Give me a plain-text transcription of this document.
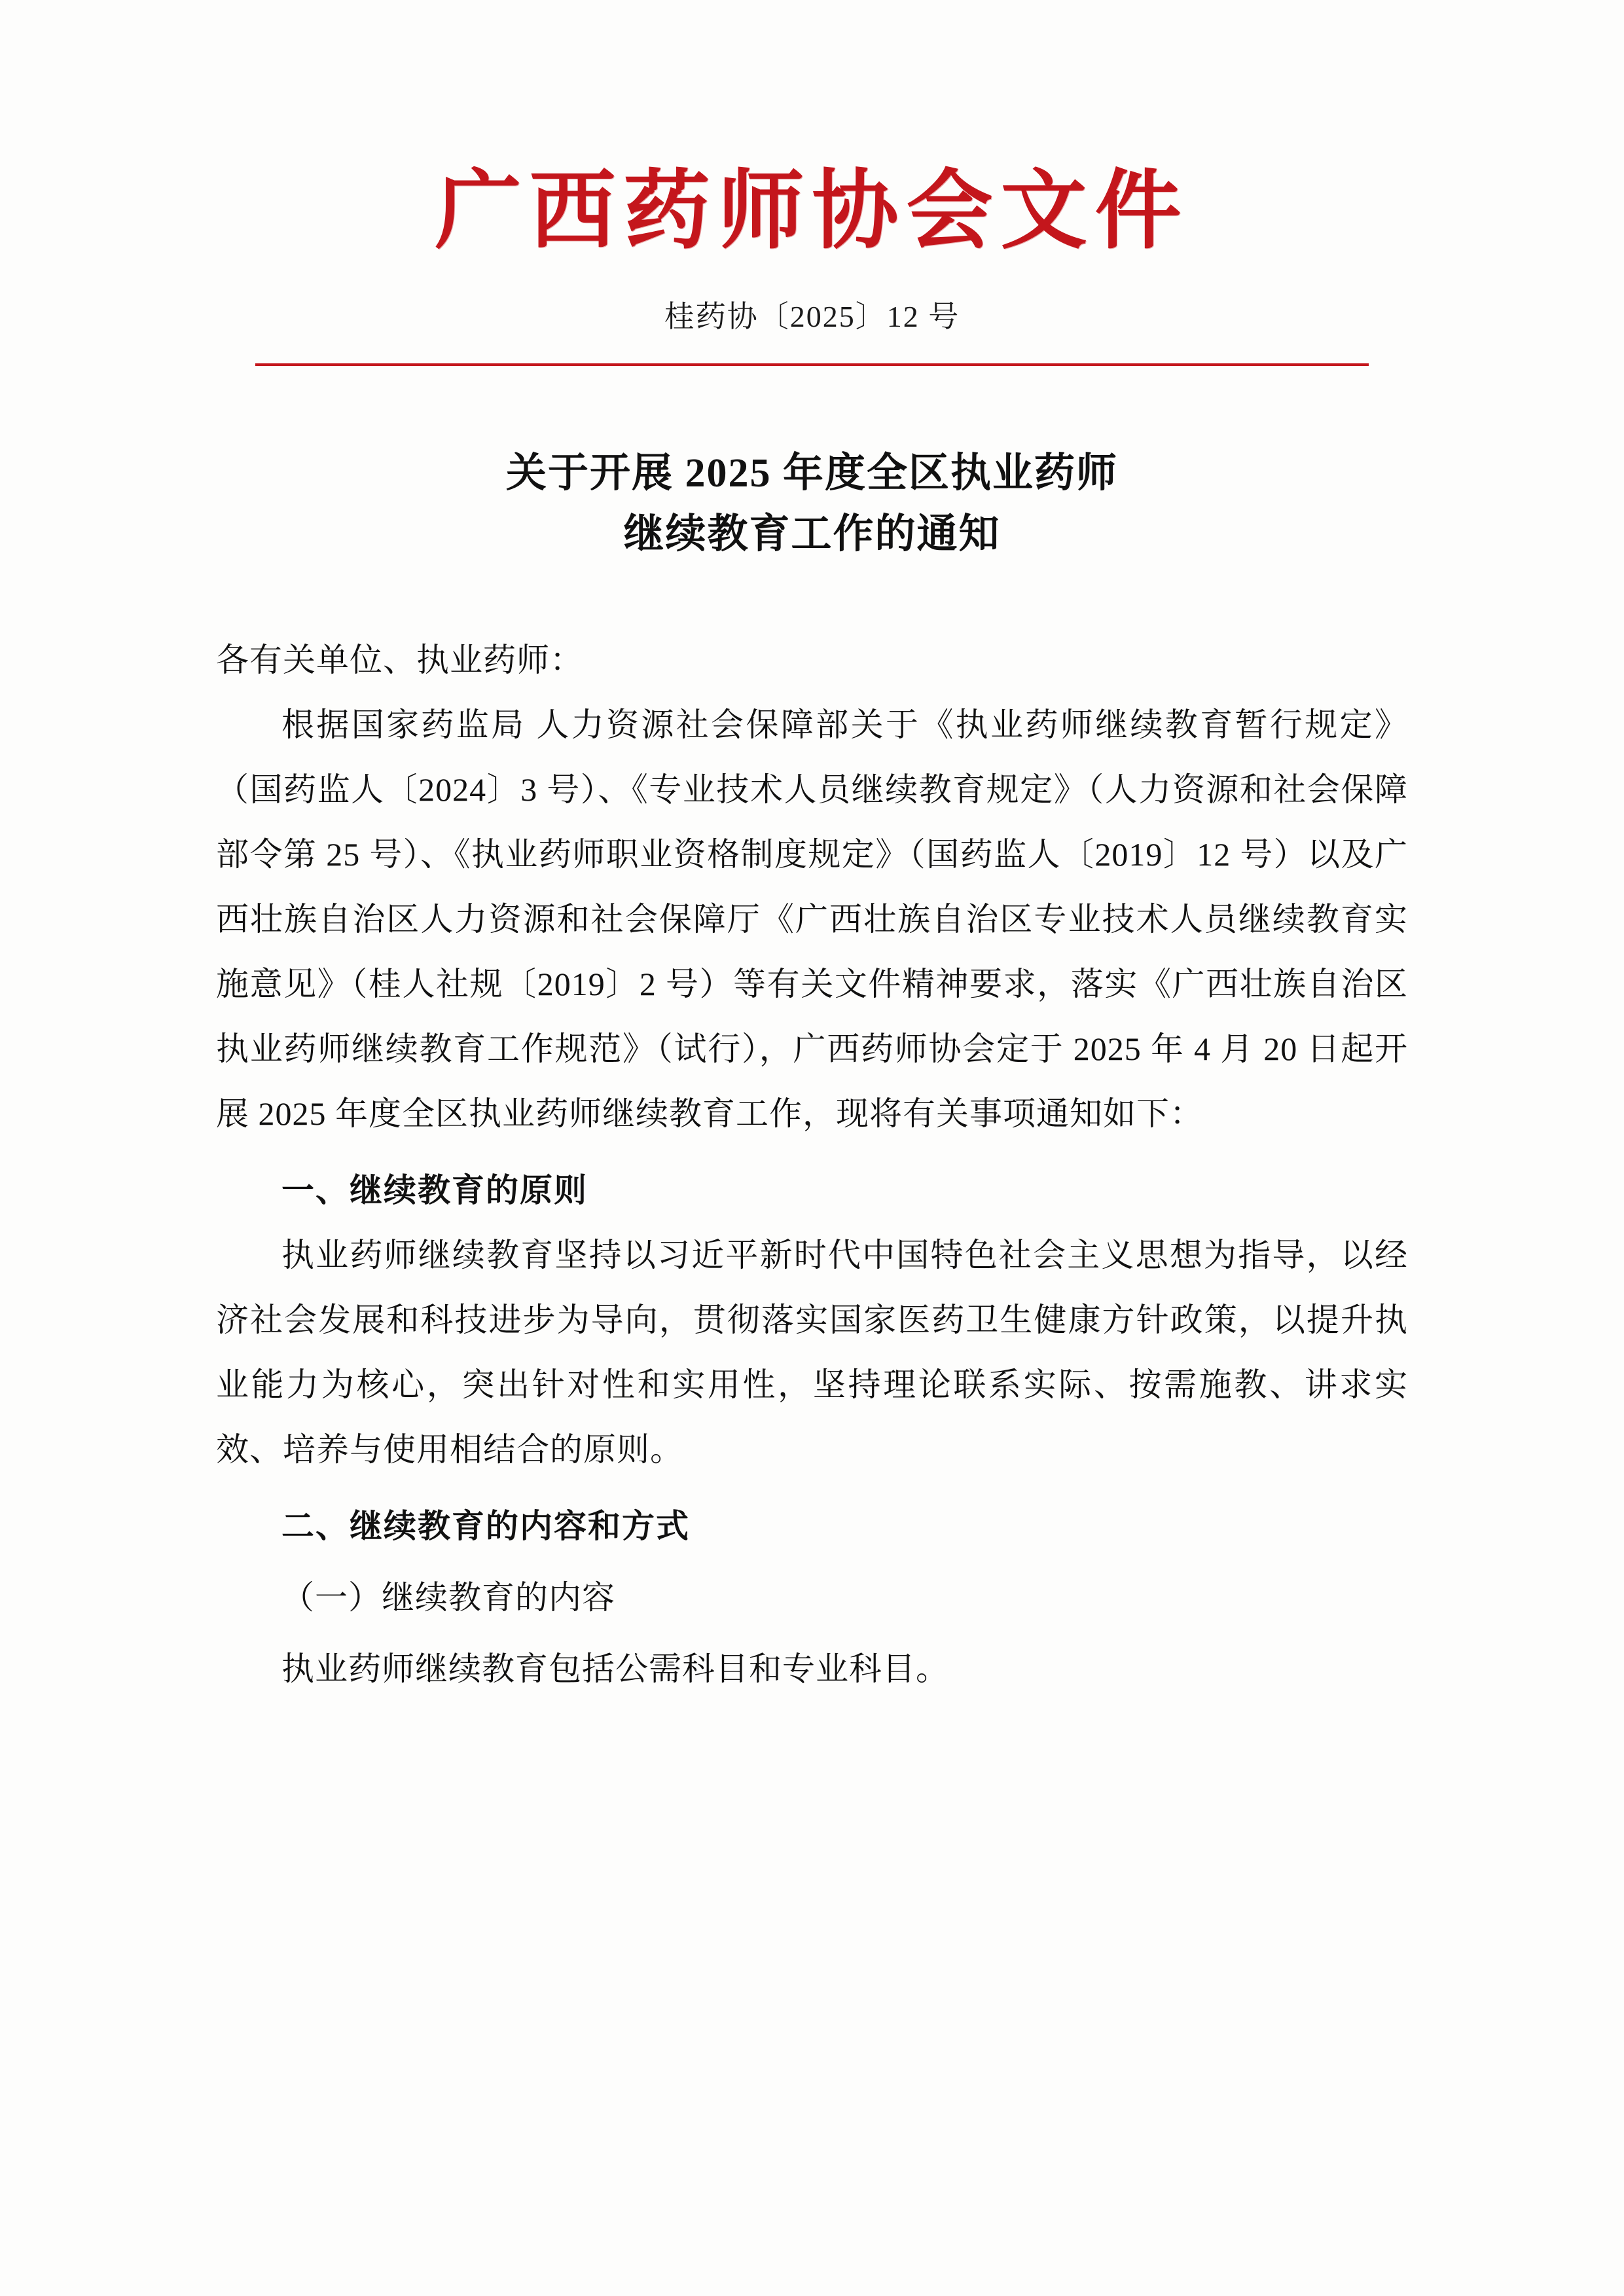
广西药师协会文件
桂药协〔2025〕12 号
关于开展 2025 年度全区执业药师
继续教育工作的通知

各有关单位、执业药师：

根据国家药监局 人力资源社会保障部关于《执业药师继续教育暂行规定》（国药监人〔2024〕3 号）、《专业技术人员继续教育规定》（人力资源和社会保障部令第 25 号）、《执业药师职业资格制度规定》（国药监人〔2019〕12 号）以及广西壮族自治区人力资源和社会保障厅《广西壮族自治区专业技术人员继续教育实施意见》（桂人社规〔2019〕2 号）等有关文件精神要求，落实《广西壮族自治区执业药师继续教育工作规范》（试行），广西药师协会定于 2025 年 4 月 20 日起开展 2025 年度全区执业药师继续教育工作，现将有关事项通知如下：

一、继续教育的原则

执业药师继续教育坚持以习近平新时代中国特色社会主义思想为指导，以经济社会发展和科技进步为导向，贯彻落实国家医药卫生健康方针政策，以提升执业能力为核心，突出针对性和实用性，坚持理论联系实际、按需施教、讲求实效、培养与使用相结合的原则。

二、继续教育的内容和方式

（一）继续教育的内容

执业药师继续教育包括公需科目和专业科目。
